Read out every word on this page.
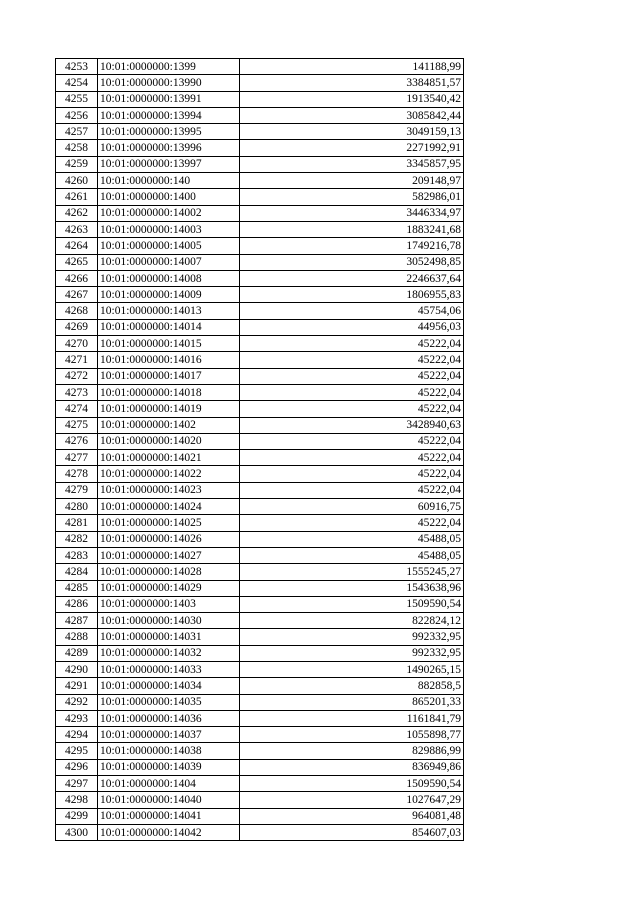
4253	10:01:0000000:1399	141188,99
4254	10:01:0000000:13990	3384851,57
4255	10:01:0000000:13991	1913540,42
4256	10:01:0000000:13994	3085842,44
4257	10:01:0000000:13995	3049159,13
4258	10:01:0000000:13996	2271992,91
4259	10:01:0000000:13997	3345857,95
4260	10:01:0000000:140	209148,97
4261	10:01:0000000:1400	582986,01
4262	10:01:0000000:14002	3446334,97
4263	10:01:0000000:14003	1883241,68
4264	10:01:0000000:14005	1749216,78
4265	10:01:0000000:14007	3052498,85
4266	10:01:0000000:14008	2246637,64
4267	10:01:0000000:14009	1806955,83
4268	10:01:0000000:14013	45754,06
4269	10:01:0000000:14014	44956,03
4270	10:01:0000000:14015	45222,04
4271	10:01:0000000:14016	45222,04
4272	10:01:0000000:14017	45222,04
4273	10:01:0000000:14018	45222,04
4274	10:01:0000000:14019	45222,04
4275	10:01:0000000:1402	3428940,63
4276	10:01:0000000:14020	45222,04
4277	10:01:0000000:14021	45222,04
4278	10:01:0000000:14022	45222,04
4279	10:01:0000000:14023	45222,04
4280	10:01:0000000:14024	60916,75
4281	10:01:0000000:14025	45222,04
4282	10:01:0000000:14026	45488,05
4283	10:01:0000000:14027	45488,05
4284	10:01:0000000:14028	1555245,27
4285	10:01:0000000:14029	1543638,96
4286	10:01:0000000:1403	1509590,54
4287	10:01:0000000:14030	822824,12
4288	10:01:0000000:14031	992332,95
4289	10:01:0000000:14032	992332,95
4290	10:01:0000000:14033	1490265,15
4291	10:01:0000000:14034	882858,5
4292	10:01:0000000:14035	865201,33
4293	10:01:0000000:14036	1161841,79
4294	10:01:0000000:14037	1055898,77
4295	10:01:0000000:14038	829886,99
4296	10:01:0000000:14039	836949,86
4297	10:01:0000000:1404	1509590,54
4298	10:01:0000000:14040	1027647,29
4299	10:01:0000000:14041	964081,48
4300	10:01:0000000:14042	854607,03
